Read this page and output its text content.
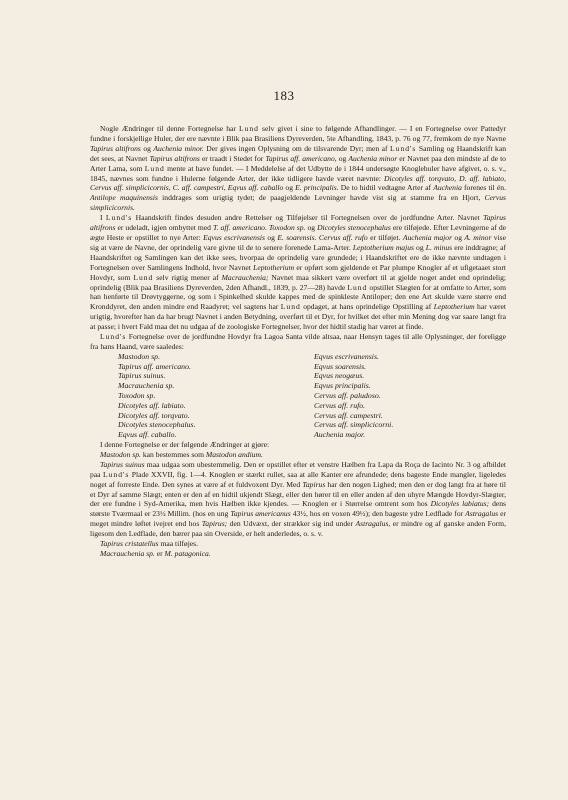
183

Nogle Ændringer til denne Fortegnelse har Lund selv givet i sine to følgende Afhandlinger. — I en Fortegnelse over Pattedyr fundne i forskjellige Huler, der ere nævnte i Blik paa Brasiliens Dyreverden, 5te Afhandling, 1843, p. 76 og 77, fremkom de nye Navne Tapirus altifrons og Auchenia minor. Der gives ingen Oplysning om de tilsvarende Dyr; men af Lund's Samling og Haandskrift kan det sees, at Navnet Tapirus altifrons er traadt i Stedet for Tapirus aff. americano, og Auchenia minor er Navnet paa den mindste af de to Arter Lama, som Lund mente at have fundet. — I Meddelelse af det Udbytte de i 1844 undersøgte Knoglehuler have afgivet, o. s. v., 1845, nævnes som fundne i Hulerne følgende Arter, der ikke tidligere havde været nævnte: Dicotyles aff. torqvato, D. aff. labiato, Cervus aff. simplicicornis, C. aff. campestri, Eqvus aff. caballo og E. principalis. De to hidtil vedtagne Arter af Auchenia forenes til én. Antilope maquinensis inddrages som urigtig tydet; de paagjeldende Levninger havde vist sig at stamme fra en Hjort, Cervus simplicicornis.

I Lund's Haandskrift findes desuden andre Rettelser og Tilføjelser til Fortegnelsen over de jordfundne Arter. Navnet Tapirus altifrons er udeladt, igjen ombyttet med T. aff. americano. Toxodon sp. og Dicotyles stenocephalus ere tilføjede. Efter Levningerne af de ægte Heste er opstillet to nye Arter: Eqvus escrivanensis og E. soarensis. Cervus aff. rufo er tilføjet. Auchenia major og A. minor vise sig at være de Navne, der oprindelig vare givne til de to senere forenede Lama-Arter. Leptotherium majus og L. minus ere inddragne; af Haandskriftet og Samlingen kan det ikke sees, hvorpaa de oprindelig vare grundede; i Haandskriftet ere de ikke nævnte undtagen i Fortegnelsen over Samlingens Indhold, hvor Navnet Leptotherium er opført som gjeldende et Par plumpe Knogler af et ufigetaaet stort Hovdyr, som Lund selv rigtig mener af Macrauchenia; Navnet maa sikkert være overført til at gjelde noget andet end oprindelig; oprindelig (Blik paa Brasiliens Dyreverden, 2den Afhandl., 1839, p. 27—28) havde Lund opstillet Slægten for at omfatte to Arter, som han henførte til Drøvtyggerne, og som i Spinkelhed skulde kappes med de spinkleste Antiloper; den ene Art skulde være større end Kronddyret, den anden mindre end Raadyret; vel sagtens har Lund opdaget, at hans oprindelige Opstilling af Leptotherium har været urigtig, hvorefter han da har brugt Navnet i anden Betydning, overført til et Dyr, for hvilket det efter min Mening dog var saare langt fra at passe; i hvert Fald maa det nu udgaa af de zoologiske Fortegnelser, hvor det hidtil stadig har været at finde.

Lund's Fortegnelse over de jordfundne Hovdyr fra Lagoa Santa vilde altsaa, naar Hensyn tages til alle Oplysninger, der foreligge fra hans Haand, være saaledes:

Mastodon sp.
Tapirus aff. americano.
Tapirus suinus.
Macrauchenia sp.
Toxodon sp.
Dicotyles aff. labiato.
Dicotyles aff. torqvato.
Dicotyles stenocephalus.
Eqvus aff. caballo.
Eqvus escrivanensis.
Eqvus soarensis.
Eqvus neogæus.
Eqvus principalis.
Cervus aff. paludoso.
Cervus aff. rufo.
Cervus aff. campestri.
Cervus aff. simplicicorni.
Auchenia major.

I denne Fortegnelse er der følgende Ændringer at gjøre:

Mastodon sp. kan bestemmes som Mastodon andium.

Tapirus suinus maa udgaa som ubestemmelig. Den er opstillet efter et venstre Hælben fra Lapa da Roça de Iacinto Nr. 3 og afbildet paa Lund's Plade XXVII, fig. 1—4. Knoglen er stærkt rullet, saa at alle Kanter ere afrundede; dens bageste Ende mangler, ligeledes noget af forreste Ende. Den synes at være af et fuldvoxent Dyr. Med Tapirus har den nogen Lighed; men den er dog langt fra at høre til et Dyr af samme Slægt; enten er den af en hidtil ukjendt Slægt, eller den hører til en eller anden af den uhyre Mængde Hovdyr-Slægter, der ere fundne i Syd-Amerika, men hvis Hælben ikke kjendes. — Knoglen er i Størrelse omtrent som hos Dicotyles labiatus; dens største Tværmaal er 23½ Millim. (hos en ung Tapirus americanus 43½, hos en voxen 49½); den bageste ydre Ledflade for Astragalus er meget mindre løftet ivejret end hos Tapirus; den Udvæxt, der strækker sig ind under Astragalus, er mindre og af ganske anden Form, ligesom den Ledflade, den bærer paa sin Overside, er helt anderledes, o. s. v.

Tapirus cristatellus maa tilføjes.

Macrauchenia sp. er M. patagonica.
